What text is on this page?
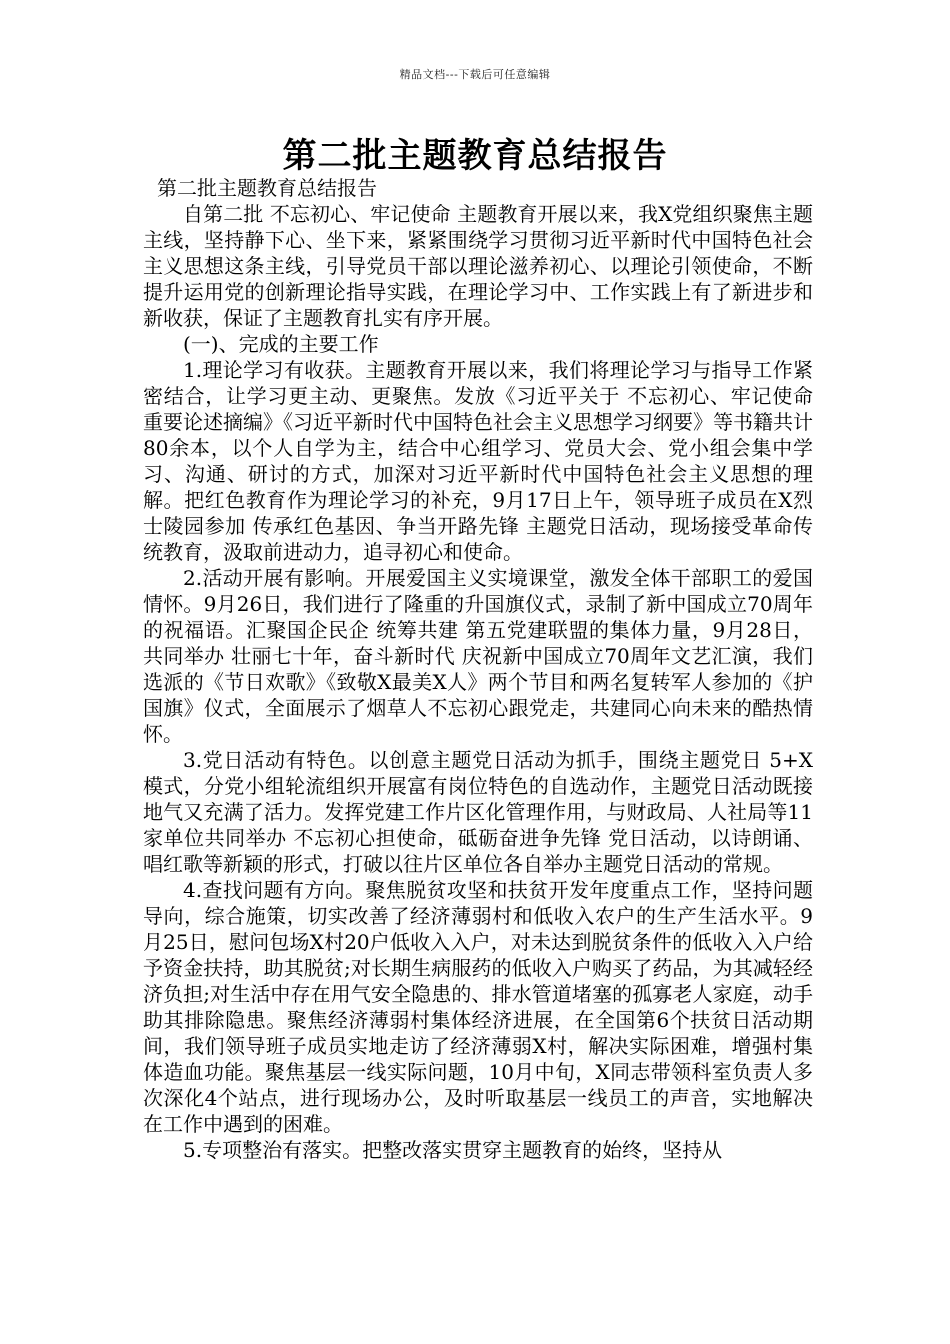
精品文档---下载后可任意编辑
第二批主题教育总结报告

第二批主题教育总结报告

自第二批 不忘初心、牢记使命 主题教育开展以来，我X党组织聚焦主题主线，坚持静下心、坐下来，紧紧围绕学习贯彻习近平新时代中国特色社会主义思想这条主线，引导党员干部以理论滋养初心、以理论引领使命，不断提升运用党的创新理论指导实践，在理论学习中、工作实践上有了新进步和新收获，保证了主题教育扎实有序开展。

(一)、完成的主要工作

1.理论学习有收获。主题教育开展以来，我们将理论学习与指导工作紧密结合，让学习更主动、更聚焦。发放《习近平关于 不忘初心、牢记使命 重要论述摘编》《习近平新时代中国特色社会主义思想学习纲要》等书籍共计80余本，以个人自学为主，结合中心组学习、党员大会、党小组会集中学习、沟通、研讨的方式，加深对习近平新时代中国特色社会主义思想的理解。把红色教育作为理论学习的补充，9月17日上午，领导班子成员在X烈士陵园参加 传承红色基因、争当开路先锋 主题党日活动，现场接受革命传统教育，汲取前进动力，追寻初心和使命。

2.活动开展有影响。开展爱国主义实境课堂，激发全体干部职工的爱国情怀。9月26日，我们进行了隆重的升国旗仪式，录制了新中国成立70周年的祝福语。汇聚国企民企 统筹共建 第五党建联盟的集体力量，9月28日，共同举办 壮丽七十年，奋斗新时代 庆祝新中国成立70周年文艺汇演，我们选派的《节日欢歌》《致敬X最美X人》两个节目和两名复转军人参加的《护国旗》仪式，全面展示了烟草人不忘初心跟党走，共建同心向未来的酷热情怀。

3.党日活动有特色。以创意主题党日活动为抓手，围绕主题党日 5+X 模式，分党小组轮流组织开展富有岗位特色的自选动作，主题党日活动既接地气又充满了活力。发挥党建工作片区化管理作用，与财政局、人社局等11家单位共同举办 不忘初心担使命，砥砺奋进争先锋 党日活动，以诗朗诵、唱红歌等新颖的形式，打破以往片区单位各自举办主题党日活动的常规。

4.查找问题有方向。聚焦脱贫攻坚和扶贫开发年度重点工作，坚持问题导向，综合施策，切实改善了经济薄弱村和低收入农户的生产生活水平。9月25日，慰问包场X村20户低收入入户，对未达到脱贫条件的低收入入户给予资金扶持，助其脱贫;对长期生病服药的低收入户购买了药品，为其减轻经济负担;对生活中存在用气安全隐患的、排水管道堵塞的孤寡老人家庭，动手助其排除隐患。聚焦经济薄弱村集体经济进展，在全国第6个扶贫日活动期间，我们领导班子成员实地走访了经济薄弱X村，解决实际困难，增强村集体造血功能。聚焦基层一线实际问题，10月中旬，X同志带领科室负责人多次深化4个站点，进行现场办公，及时听取基层一线员工的声音，实地解决在工作中遇到的困难。

5.专项整治有落实。把整改落实贯穿主题教育的始终，坚持从
